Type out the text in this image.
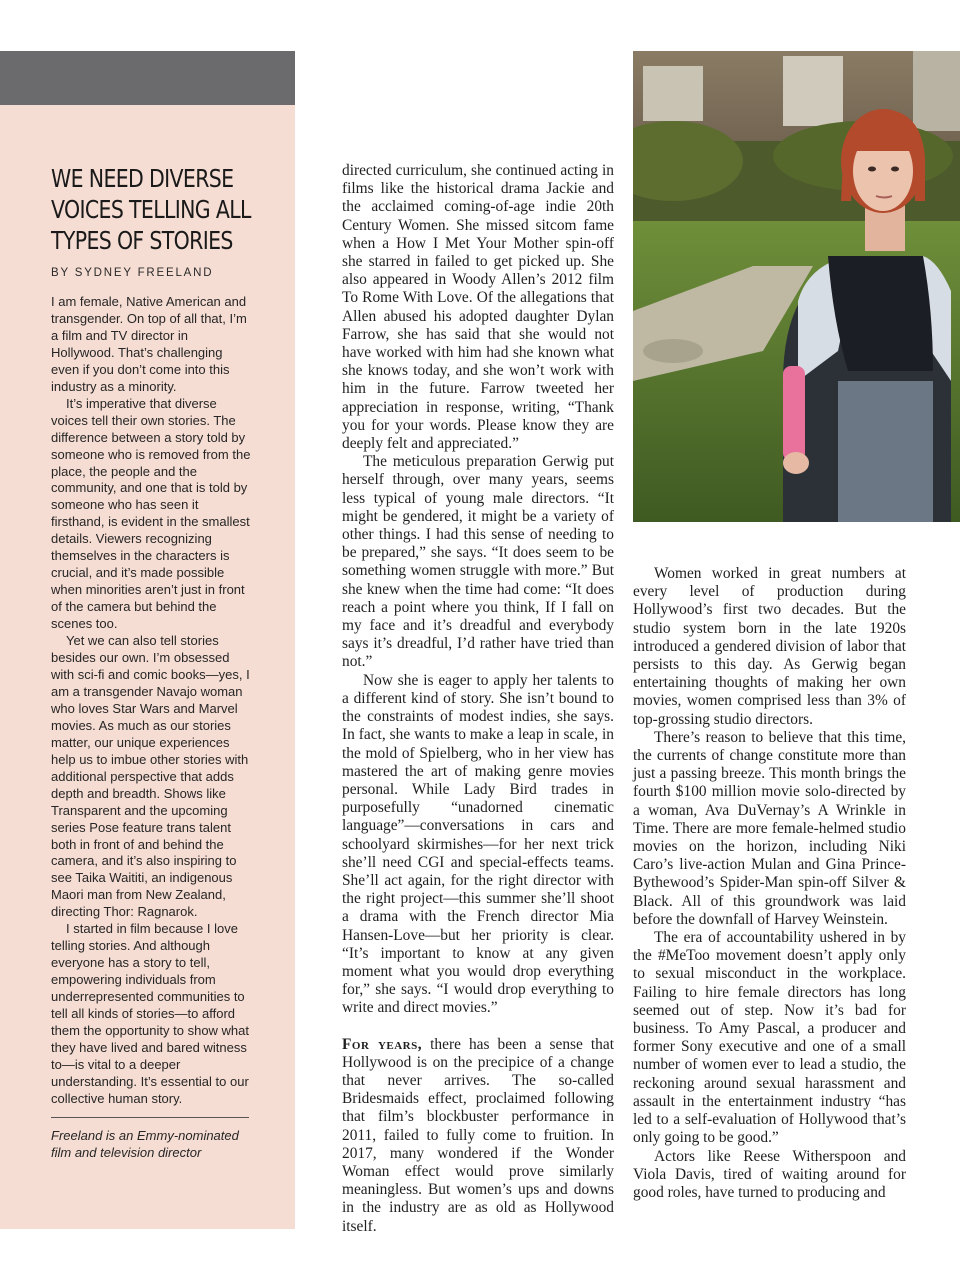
WE NEED DIVERSE VOICES TELLING ALL TYPES OF STORIES
BY SYDNEY FREELAND

I am female, Native American and transgender. On top of all that, I’m a film and TV director in Hollywood. That’s challenging even if you don’t come into this industry as a minority.

It’s imperative that diverse voices tell their own stories. The difference between a story told by someone who is removed from the place, the people and the community, and one that is told by someone who has seen it firsthand, is evident in the smallest details. Viewers recognizing themselves in the characters is crucial, and it’s made possible when minorities aren’t just in front of the camera but behind the scenes too.

Yet we can also tell stories besides our own. I’m obsessed with sci-fi and comic books—yes, I am a transgender Navajo woman who loves Star Wars and Marvel movies. As much as our stories matter, our unique experiences help us to imbue other stories with additional perspective that adds depth and breadth. Shows like Transparent and the upcoming series Pose feature trans talent both in front of and behind the camera, and it’s also inspiring to see Taika Waititi, an indigenous Maori man from New Zealand, directing Thor: Ragnarok.

I started in film because I love telling stories. And although everyone has a story to tell, empowering individuals from underrepresented communities to tell all kinds of stories—to afford them the opportunity to show what they have lived and bared witness to—is vital to a deeper understanding. It’s essential to our collective human story.

Freeland is an Emmy-nominated film and television director

directed curriculum, she continued acting in films like the historical drama Jackie and the acclaimed coming-of-age indie 20th Century Women. She missed sitcom fame when a How I Met Your Mother spin-off she starred in failed to get picked up. She also appeared in Woody Allen’s 2012 film To Rome With Love. Of the allegations that Allen abused his adopted daughter Dylan Farrow, she has said that she would not have worked with him had she known what she knows today, and she won’t work with him in the future. Farrow tweeted her appreciation in response, writing, “Thank you for your words. Please know they are deeply felt and appreciated.”

The meticulous preparation Gerwig put herself through, over many years, seems less typical of young male directors. “It might be gendered, it might be a variety of other things. I had this sense of needing to be prepared,” she says. “It does seem to be something women struggle with more.” But she knew when the time had come: “It does reach a point where you think, If I fall on my face and it’s dreadful and everybody says it’s dreadful, I’d rather have tried than not.”

Now she is eager to apply her talents to a different kind of story. She isn’t bound to the constraints of modest indies, she says. In fact, she wants to make a leap in scale, in the mold of Spielberg, who in her view has mastered the art of making genre movies personal. While Lady Bird trades in purposefully “unadorned cinematic language”—conversations in cars and schoolyard skirmishes—for her next trick she’ll need CGI and special-effects teams. She’ll act again, for the right director with the right project—this summer she’ll shoot a drama with the French director Mia Hansen-Love—but her priority is clear. “It’s important to know at any given moment what you would drop everything for,” she says. “I would drop everything to write and direct movies.”

For years, there has been a sense that Hollywood is on the precipice of a change that never arrives. The so-called Bridesmaids effect, proclaimed following that film’s blockbuster performance in 2011, failed to fully come to fruition. In 2017, many wondered if the Wonder Woman effect would prove similarly meaningless. But women’s ups and downs in the industry are as old as Hollywood itself.

Women worked in great numbers at every level of production during Hollywood’s first two decades. But the studio system born in the late 1920s introduced a gendered division of labor that persists to this day. As Gerwig began entertaining thoughts of making her own movies, women comprised less than 3% of top-grossing studio directors.

There’s reason to believe that this time, the currents of change constitute more than just a passing breeze. This month brings the fourth $100 million movie solo-directed by a woman, Ava DuVernay’s A Wrinkle in Time. There are more female-helmed studio movies on the horizon, including Niki Caro’s live-action Mulan and Gina Prince-Bythewood’s Spider-Man spin-off Silver & Black. All of this groundwork was laid before the downfall of Harvey Weinstein.

The era of accountability ushered in by the #MeToo movement doesn’t apply only to sexual misconduct in the workplace. Failing to hire female directors has long seemed out of step. Now it’s bad for business. To Amy Pascal, a producer and former Sony executive and one of a small number of women ever to lead a studio, the reckoning around sexual harassment and assault in the entertainment industry “has led to a self-evaluation of Hollywood that’s only going to be good.”

Actors like Reese Witherspoon and Viola Davis, tired of waiting around for good roles, have turned to producing and
